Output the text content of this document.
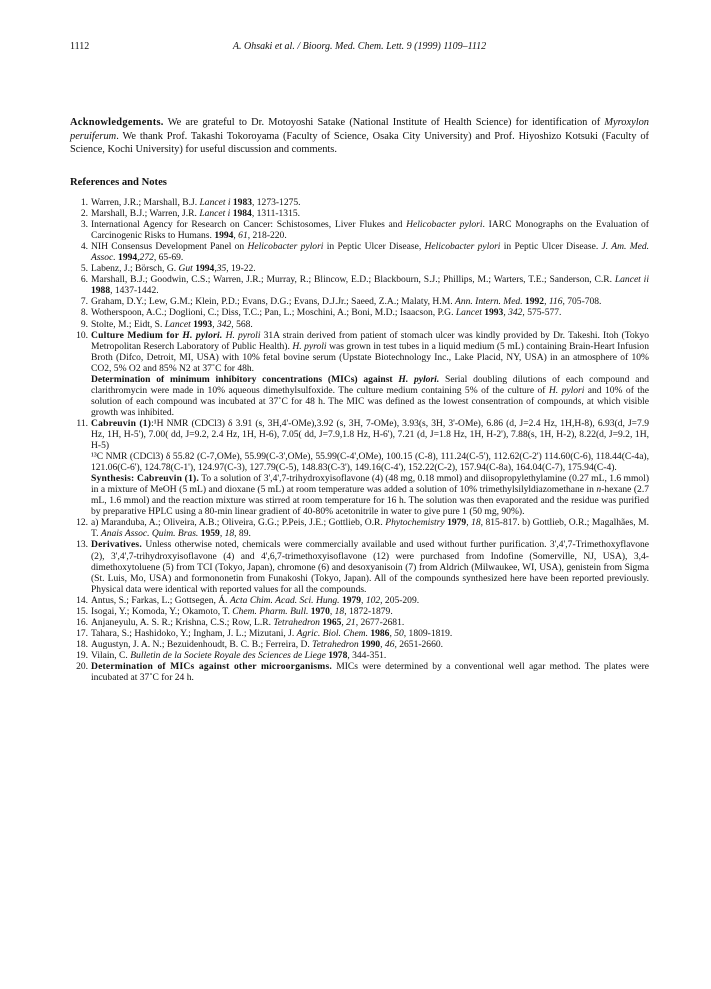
1112	A. Ohsaki et al. / Bioorg. Med. Chem. Lett. 9 (1999) 1109–1112

Acknowledgements. We are grateful to Dr. Motoyoshi Satake (National Institute of Health Science) for identification of Myroxylon peruiferum. We thank Prof. Takashi Tokoroyama (Faculty of Science, Osaka City University) and Prof. Hiyoshizo Kotsuki (Faculty of Science, Kochi University) for useful discussion and comments.

References and Notes
1. Warren, J.R.; Marshall, B.J. Lancet i 1983, 1273-1275.
2. Marshall, B.J.; Warren, J.R. Lancet i 1984, 1311-1315.
3. International Agency for Research on Cancer: Schistosomes, Liver Flukes and Helicobacter pylori. IARC Monographs on the Evaluation of Carcinogenic Risks to Humans. 1994, 61, 218-220.
4. NIH Consensus Development Panel on Helicobacter pylori in Peptic Ulcer Disease, Helicobacter pylori in Peptic Ulcer Disease. J. Am. Med. Assoc. 1994,272, 65-69.
5. Labenz, J.; Börsch, G. Gut 1994,35, 19-22.
6. Marshall, B.J.; Goodwin, C.S.; Warren, J.R.; Murray, R.; Blincow, E.D.; Blackbourn, S.J.; Phillips, M.; Warters, T.E.; Sanderson, C.R. Lancet ii 1988, 1437-1442.
7. Graham, D.Y.; Lew, G.M.; Klein, P.D.; Evans, D.G.; Evans, D.J.Jr.; Saeed, Z.A.; Malaty, H.M. Ann. Intern. Med. 1992, 116, 705-708.
8. Wotherspoon, A.C.; Doglioni, C.; Diss, T.C.; Pan, L.; Moschini, A.; Boni, M.D.; Isaacson, P.G. Lancet 1993, 342, 575-577.
9. Stolte, M.; Eidt, S. Lancet 1993, 342, 568.
10. Culture Medium for H. pylori. H. pyroli 31A strain derived from patient of stomach ulcer was kindly provided by Dr. Takeshi. Itoh (Tokyo Metropolitan Reserch Laboratory of Public Health). H. pyroli was grown in test tubes in a liquid medium (5 mL) containing Brain-Heart Infusion Broth (Difco, Detroit, MI, USA) with 10% fetal bovine serum (Upstate Biotechnology Inc., Lake Placid, NY, USA) in an atmosphere of 10% CO2, 5% O2 and 85% N2 at 37˚C for 48h.
Determination of minimum inhibitory concentrations (MICs) against H. pylori. Serial doubling dilutions of each compound and clarithromycin were made in 10% aqueous dimethylsulfoxide. The culture medium containing 5% of the culture of H. pylori and 10% of the solution of each compound was incubated at 37˚C for 48 h. The MIC was defined as the lowest consentration of compounds, at which visible growth was inhibited.
11. Cabreuvin (1):¹H NMR (CDCl3) δ 3.91 (s, 3H,4'-OMe),3.92 (s, 3H, 7-OMe), 3.93(s, 3H, 3'-OMe), 6.86 (d, J=2.4 Hz, 1H,H-8), 6.93(d, J=7.9 Hz, 1H, H-5'), 7.00( dd, J=9.2, 2.4 Hz, 1H, H-6), 7.05( dd, J=7.9,1.8 Hz, H-6'), 7.21 (d, J=1.8 Hz, 1H, H-2'), 7.88(s, 1H, H-2), 8.22(d, J=9.2, 1H, H-5)
¹³C NMR (CDCl3) δ 55.82 (C-7,OMe), 55.99(C-3',OMe), 55.99(C-4',OMe), 100.15 (C-8), 111.24(C-5'), 112.62(C-2') 114.60(C-6), 118.44(C-4a), 121.06(C-6'), 124.78(C-1'), 124.97(C-3), 127.79(C-5), 148.83(C-3'), 149.16(C-4'), 152.22(C-2), 157.94(C-8a), 164.04(C-7), 175.94(C-4).
Synthesis: Cabreuvin (1). To a solution of 3',4',7-trihydroxyisoflavone (4) (48 mg, 0.18 mmol) and diisopropylethylamine (0.27 mL, 1.6 mmol) in a mixture of MeOH (5 mL) and dioxane (5 mL) at room temperature was added a solution of 10% trimethylsilyldiazomethane in n-hexane (2.7 mL, 1.6 mmol) and the reaction mixture was stirred at room temperature for 16 h. The solution was then evaporated and the residue was purified by preparative HPLC using a 80-min linear gradient of 40-80% acetonitrile in water to give pure 1 (50 mg, 90%).
12. a) Maranduba, A.; Oliveira, A.B.; Oliveira, G.G.; P.Peis, J.E.; Gottlieb, O.R. Phytochemistry 1979, 18, 815-817. b) Gottlieb, O.R.; Magalhães, M. T. Anais Assoc. Quim. Bras. 1959, 18, 89.
13. Derivatives. Unless otherwise noted, chemicals were commercially available and used without further purification. 3',4',7-Trimethoxyflavone (2), 3',4',7-trihydroxyisoflavone (4) and 4',6,7-trimethoxyisoflavone (12) were purchased from Indofine (Somerville, NJ, USA), 3,4-dimethoxytoluene (5) from TCI (Tokyo, Japan), chromone (6) and desoxyanisoin (7) from Aldrich (Milwaukee, WI, USA), genistein from Sigma (St. Luis, Mo, USA) and formononetin from Funakoshi (Tokyo, Japan). All of the compounds synthesized here have been reported previously. Physical data were identical with reported values for all the compounds.
14. Antus, S.; Farkas, L.; Gottsegen, Á. Acta Chim. Acad. Sci. Hung. 1979, 102, 205-209.
15. Isogai, Y.; Komoda, Y.; Okamoto, T. Chem. Pharm. Bull. 1970, 18, 1872-1879.
16. Anjaneyulu, A. S. R.; Krishna, C.S.; Row, L.R. Tetrahedron 1965, 21, 2677-2681.
17. Tahara, S.; Hashidoko, Y.; Ingham, J. L.; Mizutani, J. Agric. Biol. Chem. 1986, 50, 1809-1819.
18. Augustyn, J. A. N.; Bezuidenhoudt, B. C. B.; Ferreira, D. Tetrahedron 1990, 46, 2651-2660.
19. Vilain, C. Bulletin de la Societe Royale des Sciences de Liege 1978, 344-351.
20. Determination of MICs against other microorganisms. MICs were determined by a conventional well agar method. The plates were incubated at 37˚C for 24 h.
